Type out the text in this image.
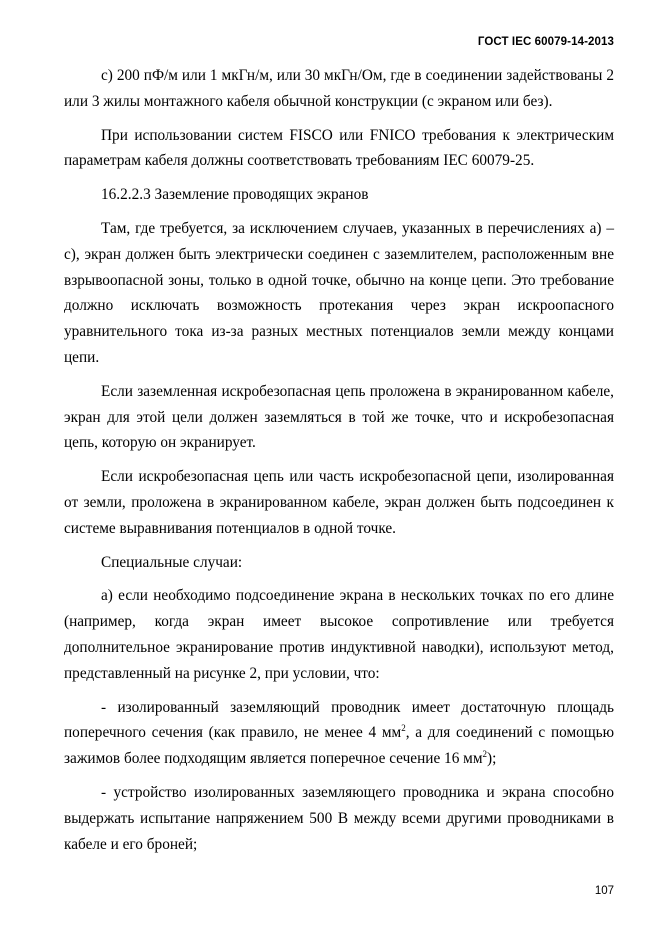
ГОСТ IEC 60079-14-2013

с) 200 пФ/м или 1 мкГн/м, или 30 мкГн/Ом, где в соединении задействованы 2 или 3 жилы монтажного кабеля обычной конструкции (с экраном или без).

При использовании систем FISCO или FNICO требования к электрическим параметрам кабеля должны соответствовать требованиям IEC 60079-25.

16.2.2.3 Заземление проводящих экранов

Там, где требуется, за исключением случаев, указанных в перечислениях а) – с), экран должен быть электрически соединен с заземлителем, расположенным вне взрывоопасной зоны, только в одной точке, обычно на конце цепи. Это требование должно исключать возможность протекания через экран искроопасного уравнительного тока из-за разных местных потенциалов земли между концами цепи.

Если заземленная искробезопасная цепь проложена в экранированном кабеле, экран для этой цели должен заземляться в той же точке, что и искробезопасная цепь, которую он экранирует.

Если искробезопасная цепь или часть искробезопасной цепи, изолированная от земли, проложена в экранированном кабеле, экран должен быть подсоединен к системе выравнивания потенциалов в одной точке.

Специальные случаи:

а) если необходимо подсоединение экрана в нескольких точках по его длине (например, когда экран имеет высокое сопротивление или требуется дополнительное экранирование против индуктивной наводки), используют метод, представленный на рисунке 2, при условии, что:

- изолированный заземляющий проводник имеет достаточную площадь поперечного сечения (как правило, не менее 4 $мм^2$, а для соединений с помощью зажимов более подходящим является поперечное сечение 16 $мм^2$);

- устройство изолированных заземляющего проводника и экрана способно выдержать испытание напряжением 500 В между всеми другими проводниками в кабеле и его броней;

107
